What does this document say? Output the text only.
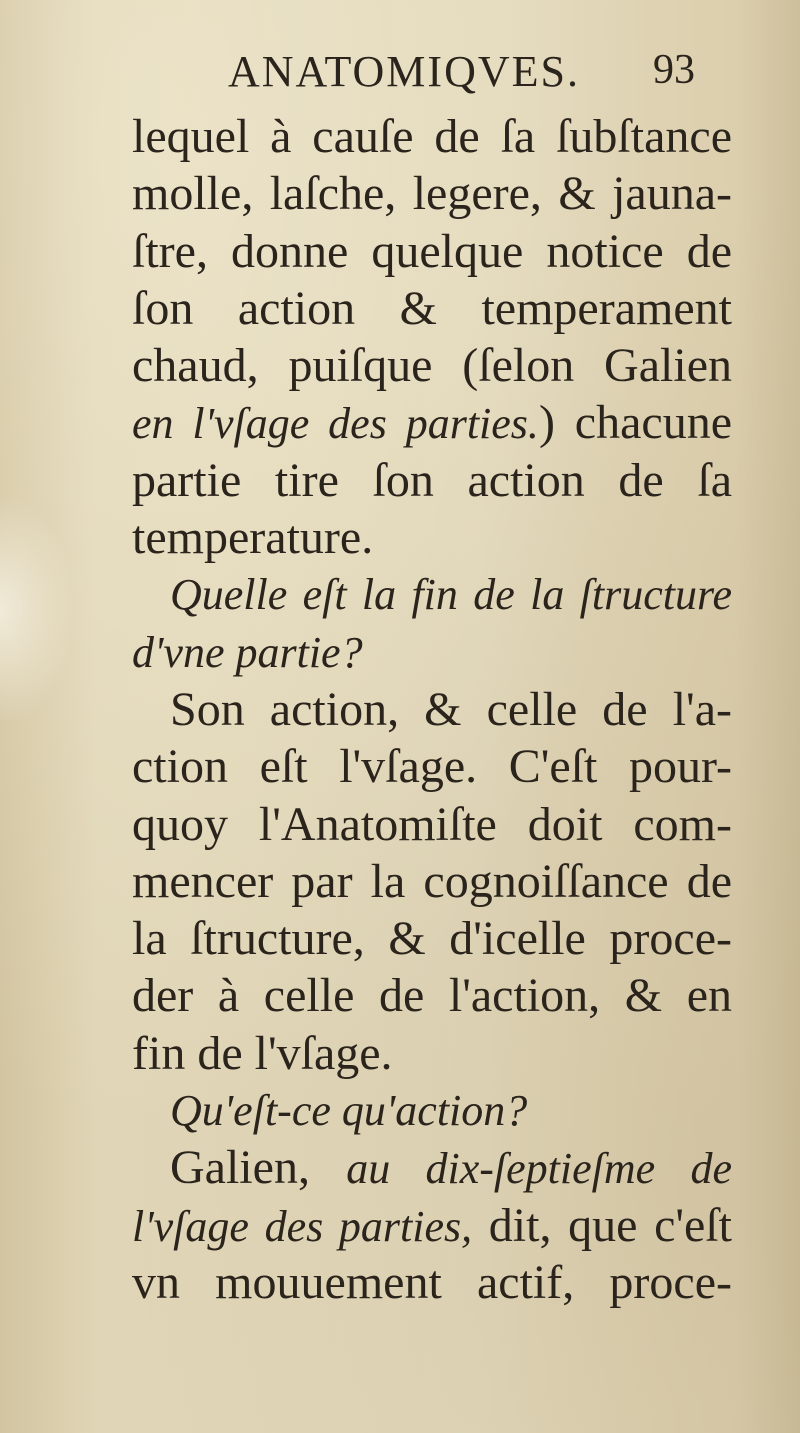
ANATOMIQVES. 93
lequel à cauſe de ſa ſubſtance
molle, laſche, legere, & jauna-
ſtre, donne quelque notice de
ſon action & temperament
chaud, puiſque (ſelon Galien
en l'vſage des parties.) chacune
partie tire ſon action de ſa
temperature.
Quelle eſt la fin de la ſtructure
d'vne partie?
Son action, & celle de l'a-
ction eſt l'vſage. C'eſt pour-
quoy l'Anatomiſte doit com-
mencer par la cognoiſſance de
la ſtructure, & d'icelle proce-
der à celle de l'action, & en
fin de l'vſage.
Qu'eſt-ce qu'action?
Galien, au dix-ſeptieſme de
l'vſage des parties, dit, que c'eſt
vn mouuement actif, proce-
